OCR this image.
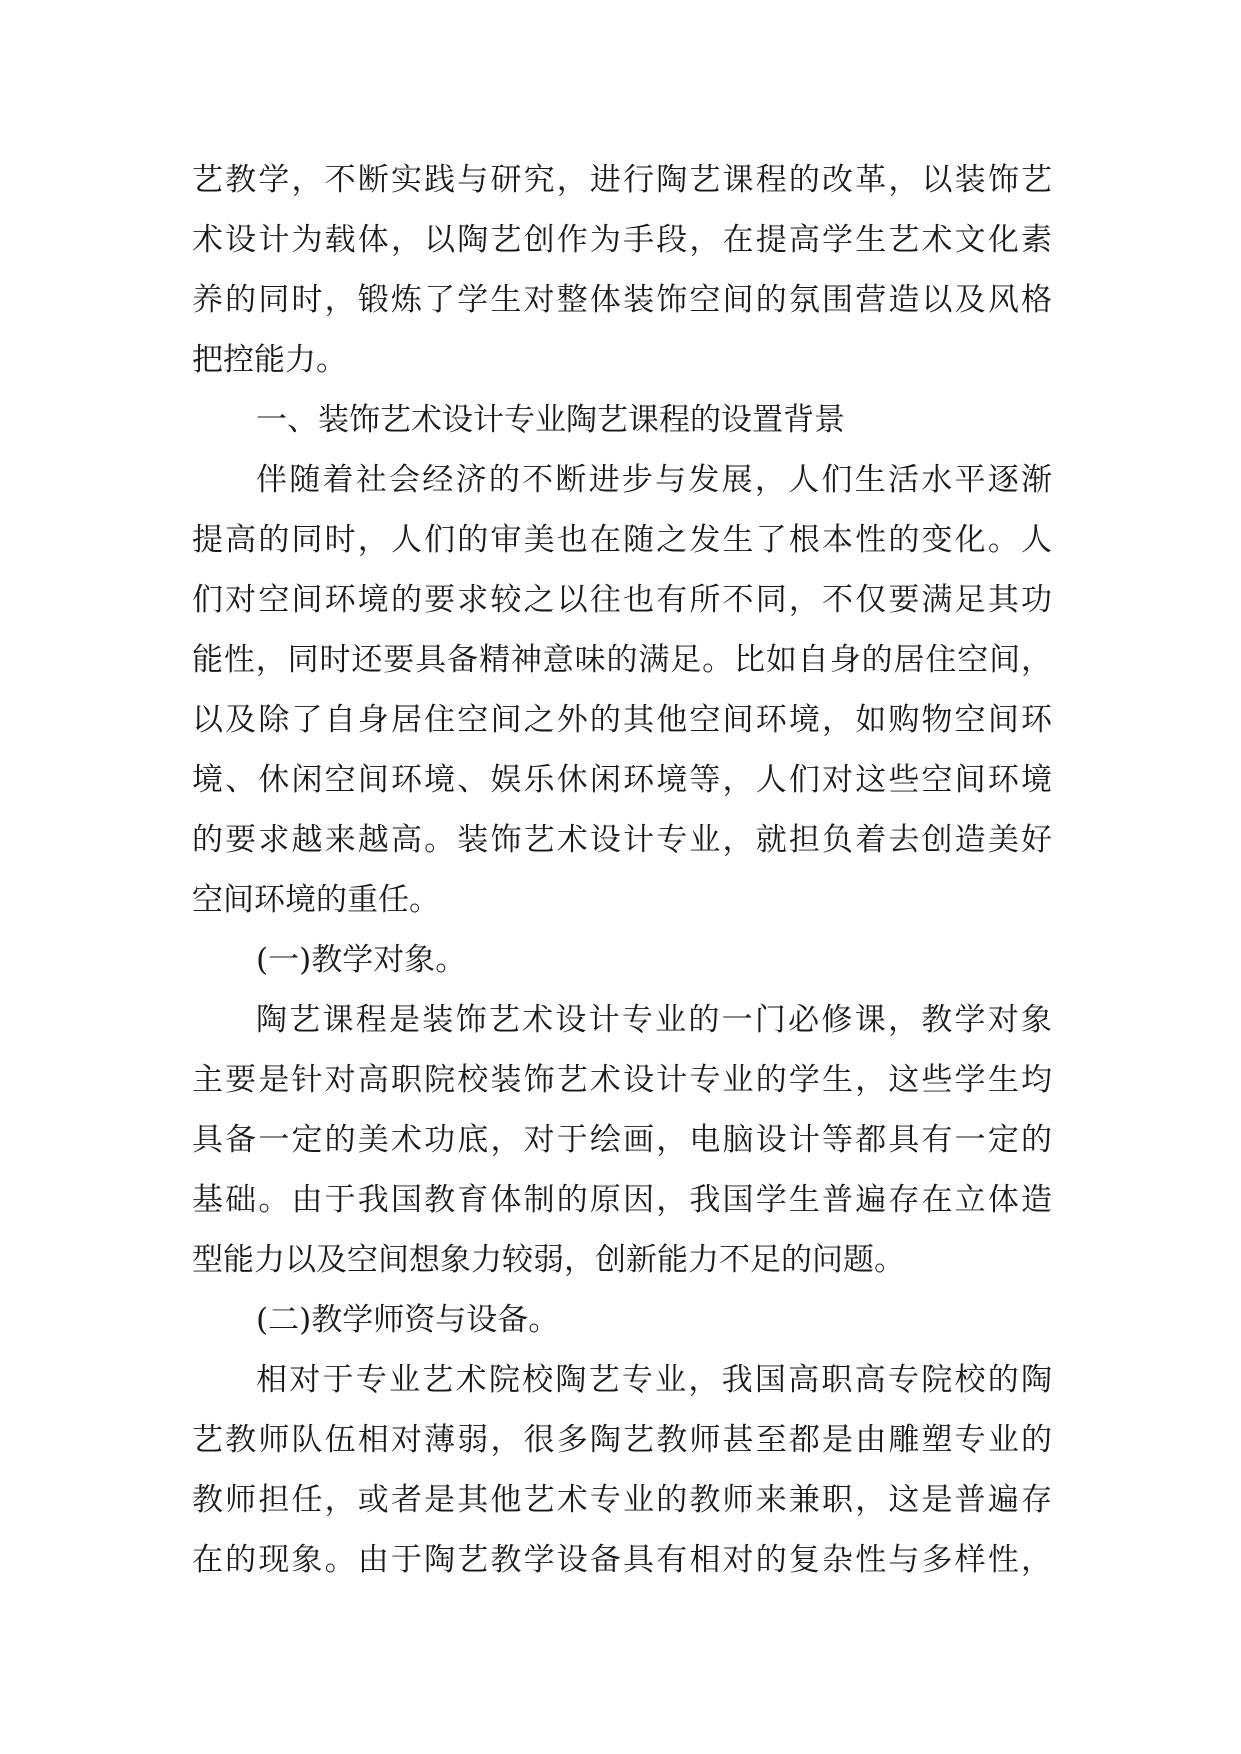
艺教学，不断实践与研究，进行陶艺课程的改革，以装饰艺

术设计为载体，以陶艺创作为手段，在提高学生艺术文化素

养的同时，锻炼了学生对整体装饰空间的氛围营造以及风格

把控能力。

一、装饰艺术设计专业陶艺课程的设置背景

伴随着社会经济的不断进步与发展，人们生活水平逐渐

提高的同时，人们的审美也在随之发生了根本性的变化。人

们对空间环境的要求较之以往也有所不同，不仅要满足其功

能性，同时还要具备精神意味的满足。比如自身的居住空间，

以及除了自身居住空间之外的其他空间环境，如购物空间环

境、休闲空间环境、娱乐休闲环境等，人们对这些空间环境

的要求越来越高。装饰艺术设计专业，就担负着去创造美好

空间环境的重任。

(一)教学对象。

陶艺课程是装饰艺术设计专业的一门必修课，教学对象

主要是针对高职院校装饰艺术设计专业的学生，这些学生均

具备一定的美术功底，对于绘画，电脑设计等都具有一定的

基础。由于我国教育体制的原因，我国学生普遍存在立体造

型能力以及空间想象力较弱，创新能力不足的问题。

(二)教学师资与设备。

相对于专业艺术院校陶艺专业，我国高职高专院校的陶

艺教师队伍相对薄弱，很多陶艺教师甚至都是由雕塑专业的

教师担任，或者是其他艺术专业的教师来兼职，这是普遍存

在的现象。由于陶艺教学设备具有相对的复杂性与多样性，
